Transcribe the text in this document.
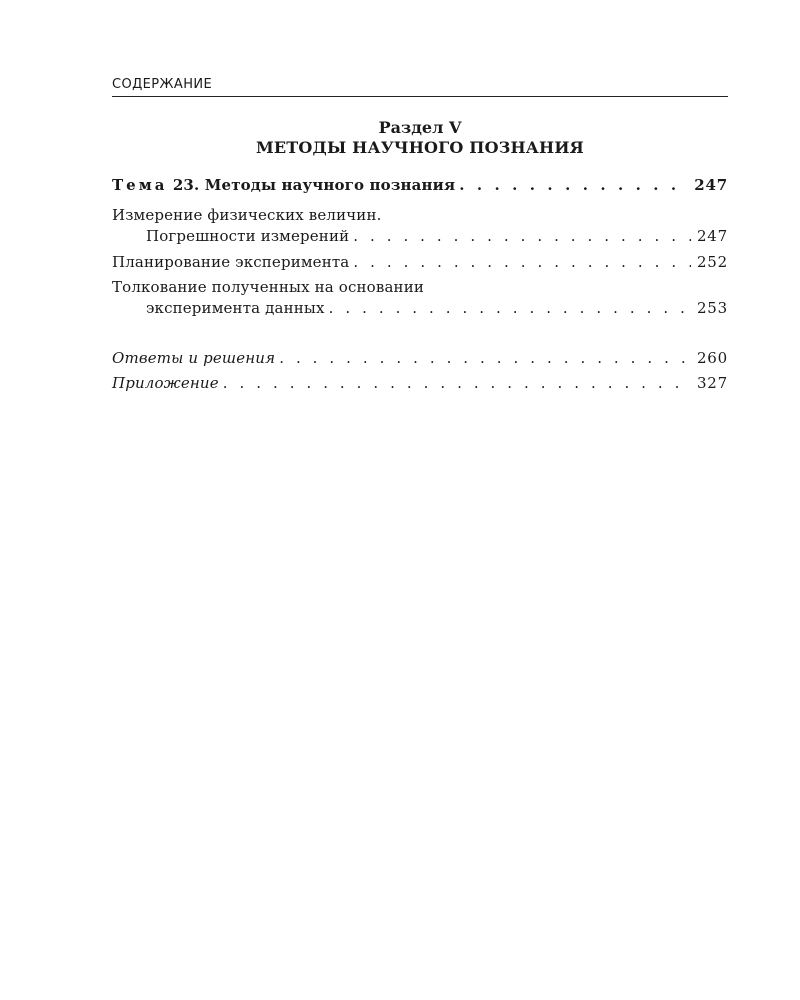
СОДЕРЖАНИЕ
Раздел V
МЕТОДЫ НАУЧНОГО ПОЗНАНИЯ
Тема 23. Методы научного познания . . .	247
Измерение физических величин.
Погрешности измерений . . .	247
Планирование эксперимента . . .	252
Толкование полученных на основании
эксперимента данных . . .	253
Ответы и решения . . .	260
Приложение . . .	327
